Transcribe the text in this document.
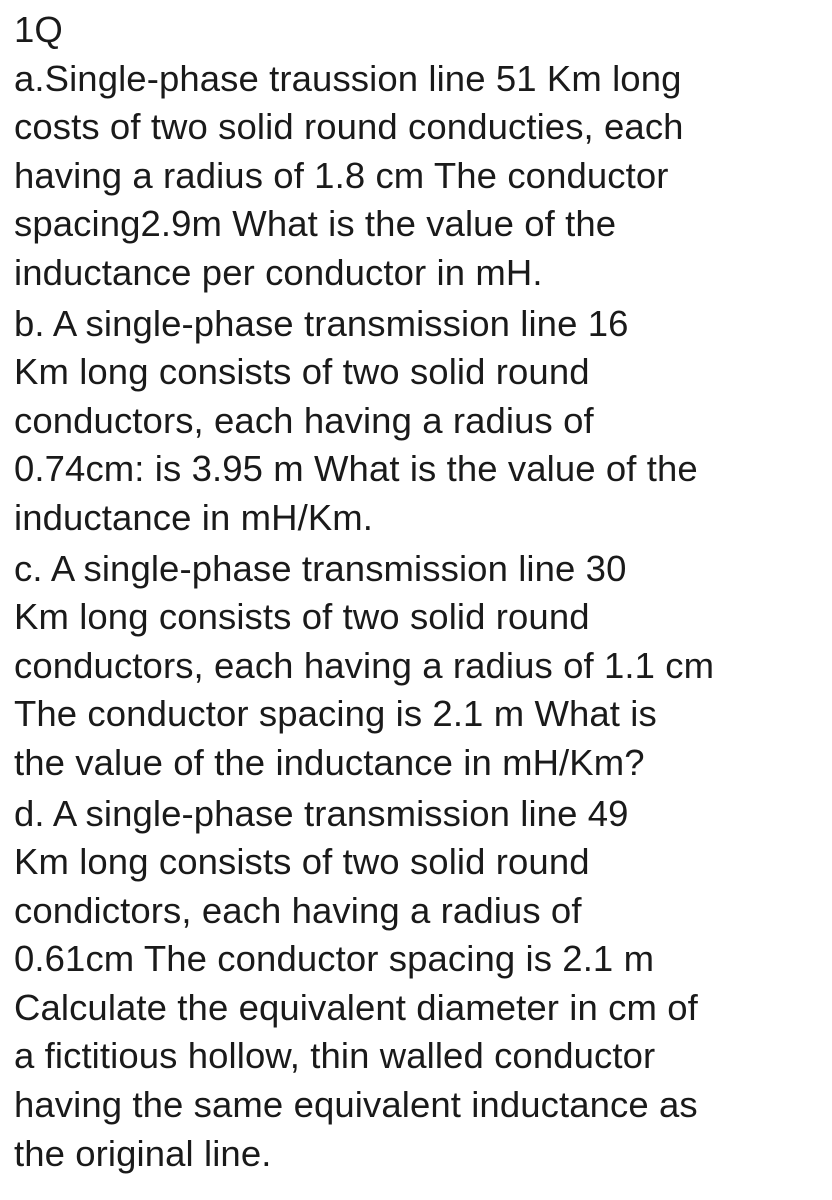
1Q
a.Single-phase traussion line 51 Km long
costs of two solid round conducties, each
having a radius of 1.8 cm The conductor
spacing2.9m What is the value of the
inductance per conductor in mH.
b. A single-phase transmission line 16
Km long consists of two solid round
conductors, each having a radius of
0.74cm: is 3.95 m What is the value of the
inductance in mH/Km.
c. A single-phase transmission line 30
Km long consists of two solid round
conductors, each having a radius of 1.1 cm
The conductor spacing is 2.1 m What is
the value of the inductance in mH/Km?
d. A single-phase transmission line 49
Km long consists of two solid round
condictors, each having a radius of
0.61cm The conductor spacing is 2.1 m
Calculate the equivalent diameter in cm of
a fictitious hollow, thin walled conductor
having the same equivalent inductance as
the original line.
